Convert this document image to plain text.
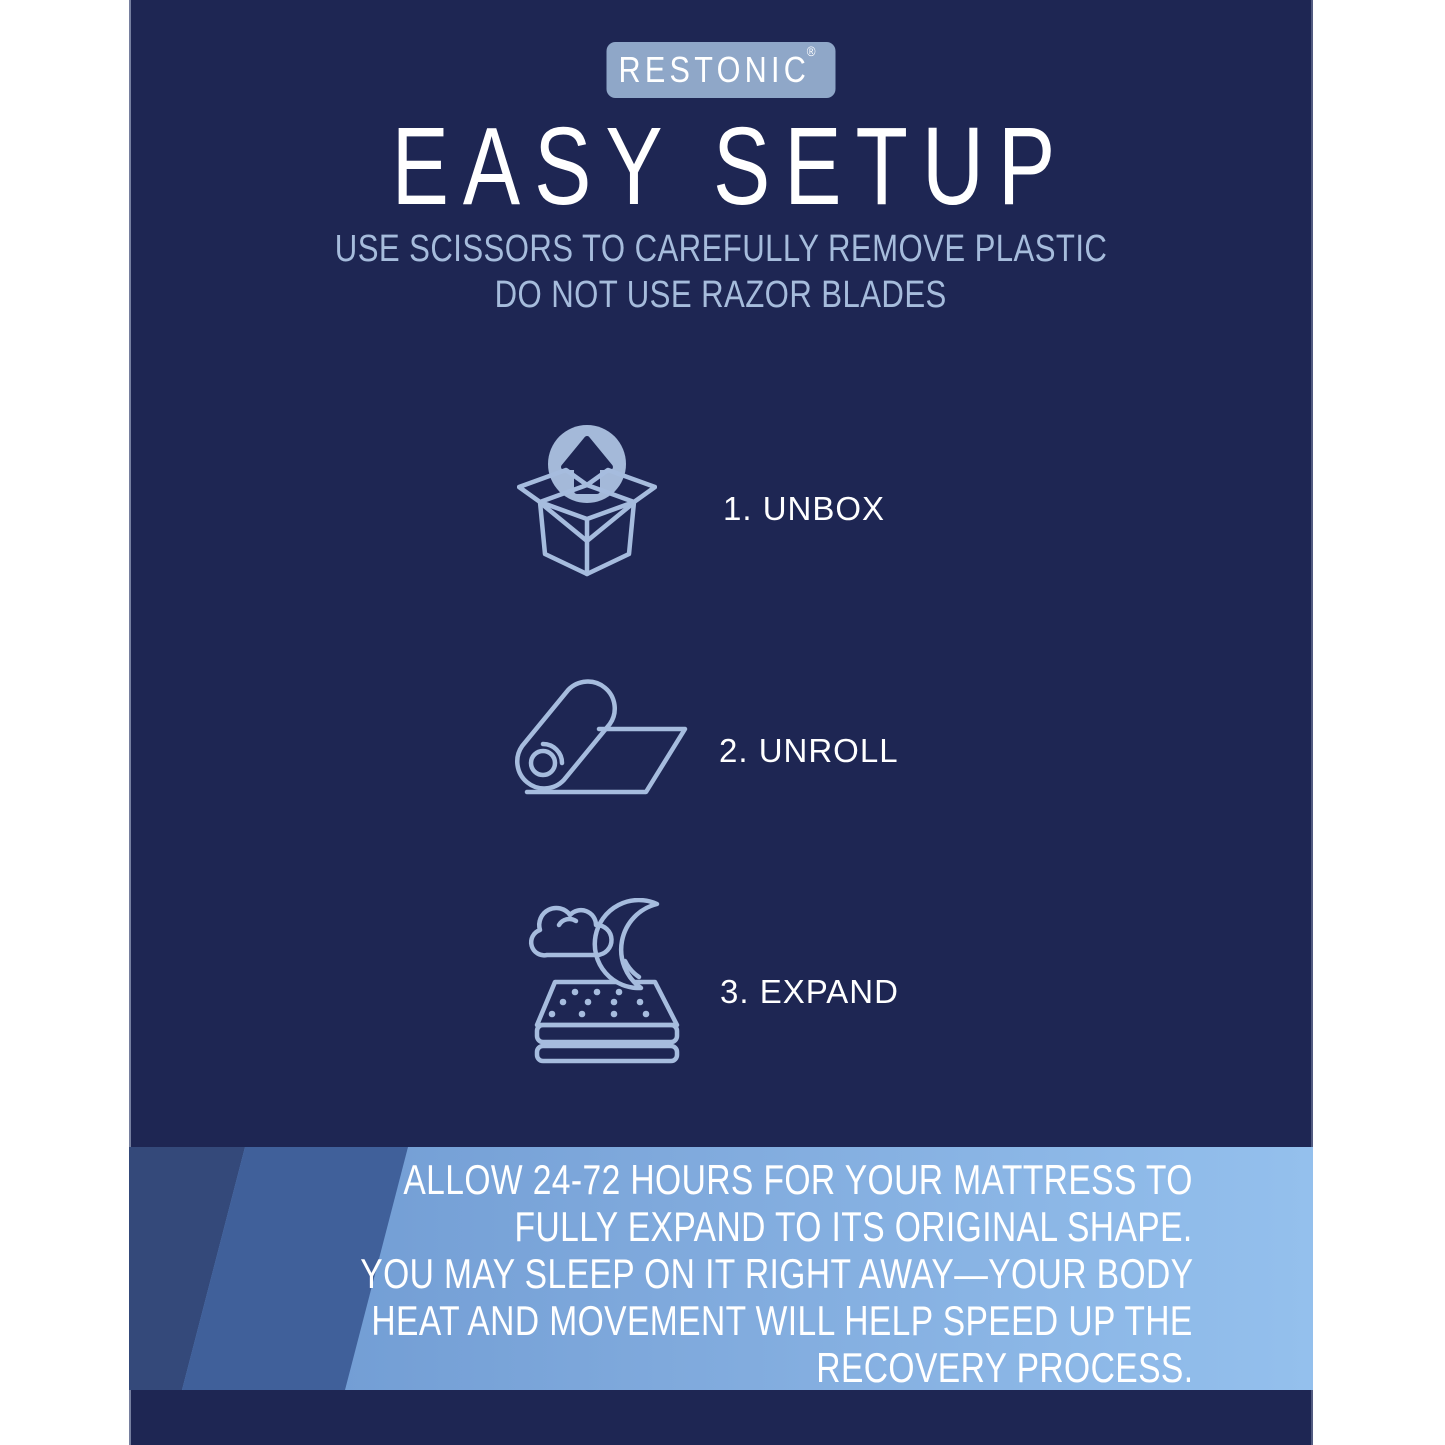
RESTONIC®
EASY SETUP
USE SCISSORS TO CAREFULLY REMOVE PLASTIC
DO NOT USE RAZOR BLADES
1. UNBOX
2. UNROLL
3. EXPAND
ALLOW 24-72 HOURS FOR YOUR MATTRESS TO
FULLY EXPAND TO ITS ORIGINAL SHAPE.
YOU MAY SLEEP ON IT RIGHT AWAY—YOUR BODY
HEAT AND MOVEMENT WILL HELP SPEED UP THE
RECOVERY PROCESS.
